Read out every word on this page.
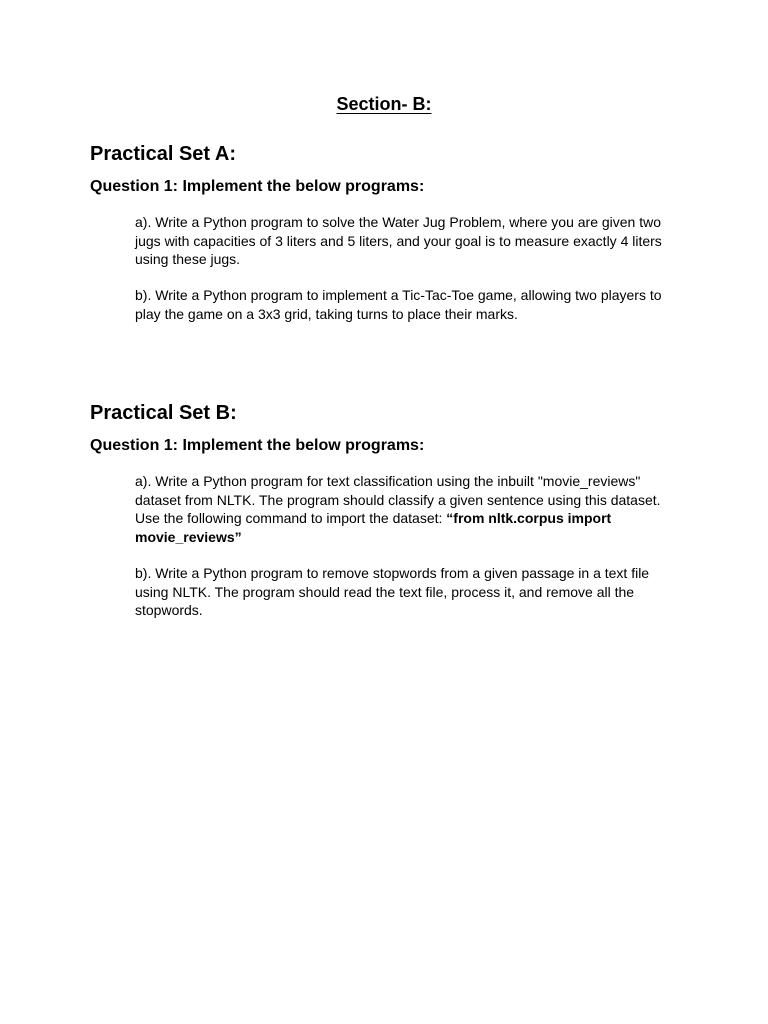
Section- B:
Practical Set A:
Question 1: Implement the below programs:

a). Write a Python program to solve the Water Jug Problem, where you are given two jugs with capacities of 3 liters and 5 liters, and your goal is to measure exactly 4 liters using these jugs.

b). Write a Python program to implement a Tic-Tac-Toe game, allowing two players to play the game on a 3x3 grid, taking turns to place their marks.

Practical Set B:
Question 1: Implement the below programs:

a). Write a Python program for text classification using the inbuilt "movie_reviews" dataset from NLTK. The program should classify a given sentence using this dataset. Use the following command to import the dataset: “from nltk.corpus import movie_reviews”

b). Write a Python program to remove stopwords from a given passage in a text file using NLTK. The program should read the text file, process it, and remove all the stopwords.
